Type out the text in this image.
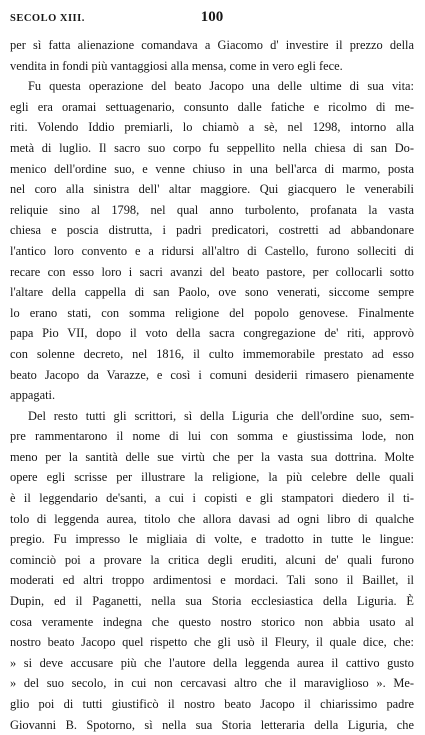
SECOLO XIII.	100
per sì fatta alienazione comandava a Giacomo d' investire il prezzo della
vendita in fondi più vantaggiosi alla mensa, come in vero egli fece.
Fu questa operazione del beato Jacopo una delle ultime di sua vita:
egli era oramai settuagenario, consunto dalle fatiche e ricolmo di me-
riti. Volendo Iddio premiarli, lo chiamò a sè, nel 1298, intorno alla
metà di luglio. Il sacro suo corpo fu seppellito nella chiesa di san Do-
menico dell'ordine suo, e venne chiuso in una bell'arca di marmo, posta
nel coro alla sinistra dell' altar maggiore. Qui giacquero le venerabili
reliquie sino al 1798, nel qual anno turbolento, profanata la vasta
chiesa e poscia distrutta, i padri predicatori, costretti ad abbandonare
l'antico loro convento e a ridursi all'altro di Castello, furono solleciti di
recare con esso loro i sacri avanzi del beato pastore, per collocarli sotto
l'altare della cappella di san Paolo, ove sono venerati, siccome sempre
lo erano stati, con somma religione del popolo genovese. Finalmente
papa Pio VII, dopo il voto della sacra congregazione de' riti, approvò
con solenne decreto, nel 1816, il culto immemorabile prestato ad esso
beato Jacopo da Varazze, e così i comuni desiderii rimasero pienamente
appagati.
Del resto tutti gli scrittori, sì della Liguria che dell'ordine suo, sem-
pre rammentarono il nome di lui con somma e giustissima lode, non
meno per la santità delle sue virtù che per la vasta sua dottrina. Molte
opere egli scrisse per illustrare la religione, la più celebre delle quali
è il leggendario de'santi, a cui i copisti e gli stampatori diedero il ti-
tolo di leggenda aurea, titolo che allora davasi ad ogni libro di qualche
pregio. Fu impresso le migliaia di volte, e tradotto in tutte le lingue:
cominciò poi a provare la critica degli eruditi, alcuni de' quali furono
moderati ed altri troppo ardimentosi e mordaci. Tali sono il Baillet, il
Dupin, ed il Paganetti, nella sua Storia ecclesiastica della Liguria. È
cosa veramente indegna che questo nostro storico non abbia usato al
nostro beato Jacopo quel rispetto che gli usò il Fleury, il quale dice, che:
» si deve accusare più che l'autore della leggenda aurea il cattivo gusto
» del suo secolo, in cui non cercavasi altro che il maraviglioso ». Me-
glio poi di tutti giustificò il nostro beato Jacopo il chiarissimo padre
Giovanni B. Spotorno, sì nella sua Storia letteraria della Liguria, che
